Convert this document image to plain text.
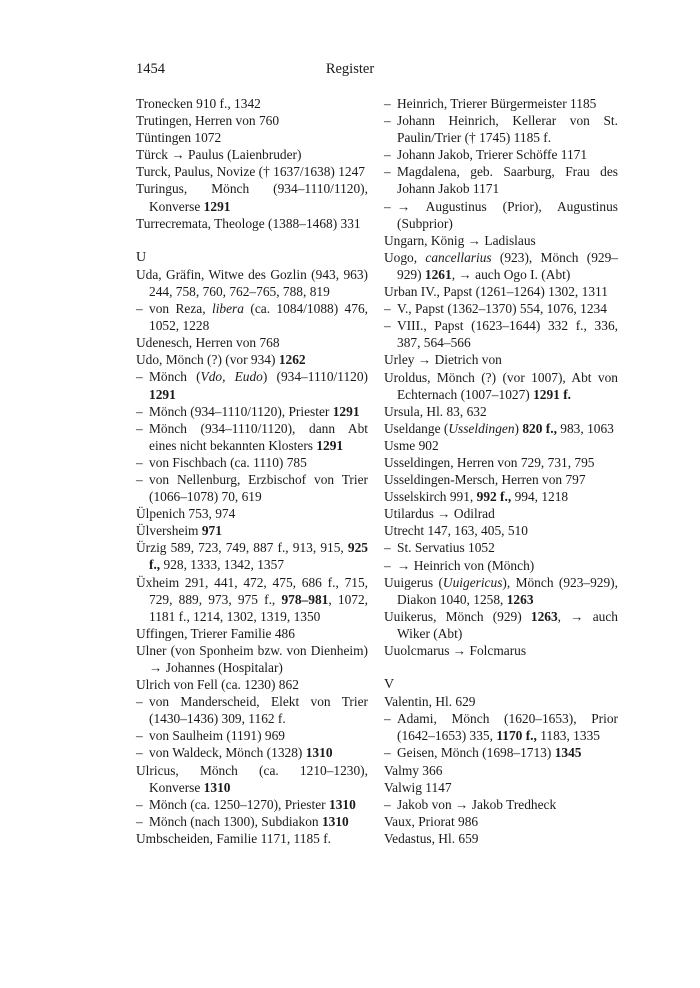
1454	Register
Tronecken 910 f., 1342
Trutingen, Herren von 760
Tüntingen 1072
Türck → Paulus (Laienbruder)
Turck, Paulus, Novize († 1637/1638) 1247
Turingus, Mönch (934–1110/1120), Konverse 1291
Turrecremata, Theologe (1388–1468) 331
U
Uda, Gräfin, Witwe des Gozlin (943, 963) 244, 758, 760, 762–765, 788, 819
– von Reza, libera (ca. 1084/1088) 476, 1052, 1228
Udenesch, Herren von 768
Udo, Mönch (?) (vor 934) 1262
– Mönch (Vdo, Eudo) (934–1110/1120) 1291
– Mönch (934–1110/1120), Priester 1291
– Mönch (934–1110/1120), dann Abt eines nicht bekannten Klosters 1291
– von Fischbach (ca. 1110) 785
– von Nellenburg, Erzbischof von Trier (1066–1078) 70, 619
Ülpenich 753, 974
Ülversheim 971
Ürzig 589, 723, 749, 887 f., 913, 915, 925 f., 928, 1333, 1342, 1357
Üxheim 291, 441, 472, 475, 686 f., 715, 729, 889, 973, 975 f., 978–981, 1072, 1181 f., 1214, 1302, 1319, 1350
Uffingen, Trierer Familie 486
Ulner (von Sponheim bzw. von Dienheim) → Johannes (Hospitalar)
Ulrich von Fell (ca. 1230) 862
– von Manderscheid, Elekt von Trier (1430–1436) 309, 1162 f.
– von Saulheim (1191) 969
– von Waldeck, Mönch (1328) 1310
Ulricus, Mönch (ca. 1210–1230), Konverse 1310
– Mönch (ca. 1250–1270), Priester 1310
– Mönch (nach 1300), Subdiakon 1310
Umbscheiden, Familie 1171, 1185 f.
– Heinrich, Trierer Bürgermeister 1185
– Johann Heinrich, Kellerar von St. Paulin/Trier († 1745) 1185 f.
– Johann Jakob, Trierer Schöffe 1171
– Magdalena, geb. Saarburg, Frau des Johann Jakob 1171
– → Augustinus (Prior), Augustinus (Subprior)
Ungarn, König → Ladislaus
Uogo, cancellarius (923), Mönch (929–929) 1261, → auch Ogo I. (Abt)
Urban IV., Papst (1261–1264) 1302, 1311
– V., Papst (1362–1370) 554, 1076, 1234
– VIII., Papst (1623–1644) 332 f., 336, 387, 564–566
Urley → Dietrich von
Uroldus, Mönch (?) (vor 1007), Abt von Echternach (1007–1027) 1291 f.
Ursula, Hl. 83, 632
Useldange (Usseldingen) 820 f., 983, 1063
Usme 902
Usseldingen, Herren von 729, 731, 795
Usseldingen-Mersch, Herren von 797
Usselskirch 991, 992 f., 994, 1218
Utilardus → Odilrad
Utrecht 147, 163, 405, 510
– St. Servatius 1052
– → Heinrich von (Mönch)
Uuigerus (Uuigericus), Mönch (923–929), Diakon 1040, 1258, 1263
Uuikerus, Mönch (929) 1263, → auch Wiker (Abt)
Uuolcmarus → Folcmarus
V
Valentin, Hl. 629
– Adami, Mönch (1620–1653), Prior (1642–1653) 335, 1170 f., 1183, 1335
– Geisen, Mönch (1698–1713) 1345
Valmy 366
Valwig 1147
– Jakob von → Jakob Tredheck
Vaux, Priorat 986
Vedastus, Hl. 659
